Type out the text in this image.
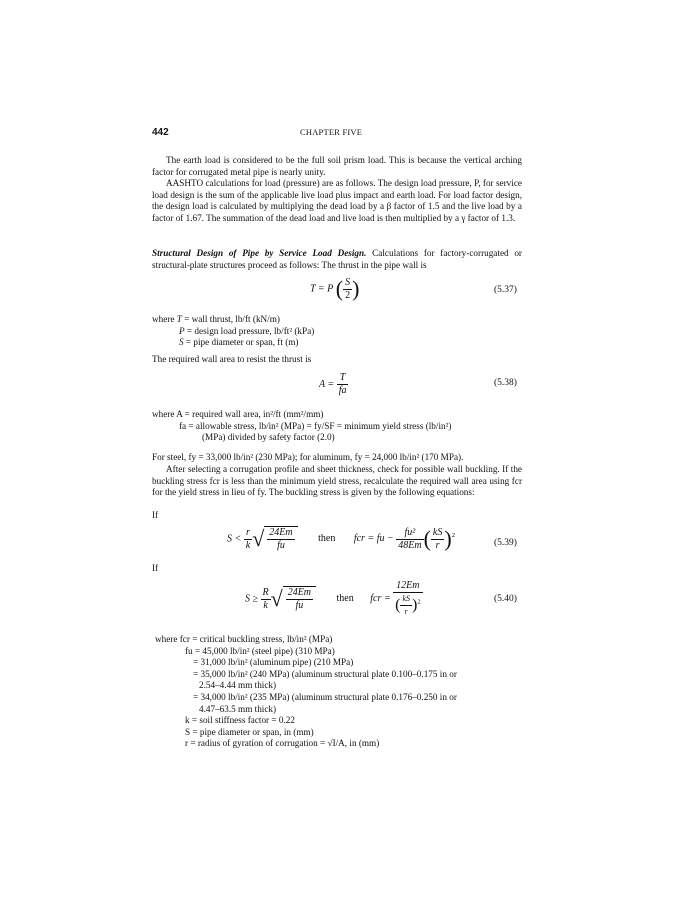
442	CHAPTER FIVE
The earth load is considered to be the full soil prism load. This is because the vertical arching factor for corrugated metal pipe is nearly unity.
AASHTO calculations for load (pressure) are as follows. The design load pressure, P, for service load design is the sum of the applicable live load plus impact and earth load. For load factor design, the design load is calculated by multiplying the dead load by a β factor of 1.5 and the live load by a factor of 1.67. The summation of the dead load and live load is then multiplied by a γ factor of 1.3.
Structural Design of Pipe by Service Load Design. Calculations for factory-corrugated or structural-plate structures proceed as follows: The thrust in the pipe wall is
T = P ( $\frac{S}{2}$ )	(5.37)
where T = wall thrust, lb/ft (kN/m)
P = design load pressure, lb/ft² (kPa)
S = pipe diameter or span, ft (m)
The required wall area to resist the thrust is
$A = \frac{T}{fa}$	(5.38)
where A = required wall area, in²/ft (mm²/mm)
fa = allowable stress, lb/in² (MPa) = fy/SF = minimum yield stress (lb/in²)
(MPa) divided by safety factor (2.0)
For steel, fy = 33,000 lb/in² (230 MPa); for aluminum, fy = 24,000 lb/in² (170 MPa).
After selecting a corrugation profile and sheet thickness, check for possible wall buckling. If the buckling stress fcr is less than the minimum yield stress, recalculate the required wall area using fcr for the yield stress in lieu of fy. The buckling stress is given by the following equations:
If
$S < \frac{r}{k}$ √ $\frac{24Em}{fu}$ then fcr = fu − $\frac{\text{fu²}}{48Em}$ ( $\frac{kS}{r} )^2$
(5.39)
If
$S \ge \frac{R}{k}$ √ $\frac{24Em}{fu}$ then fcr = $\frac{12Em}{( \frac{kS}{r} )^2}$	(5.40)
where fcr = critical buckling stress, lb/in² (MPa)
fu = 45,000 lb/in² (steel pipe) (310 MPa)
= 31,000 lb/in² (aluminum pipe) (210 MPa)
= 35,000 lb/in² (240 MPa) (aluminum structural plate 0.100–0.175 in or
2.54–4.44 mm thick)
= 34,000 lb/in² (235 MPa) (aluminum structural plate 0.176–0.250 in or
4.47–63.5 mm thick)
k = soil stiffness factor = 0.22
S = pipe diameter or span, in (mm)
r = radius of gyration of corrugation = √I/A, in (mm)
